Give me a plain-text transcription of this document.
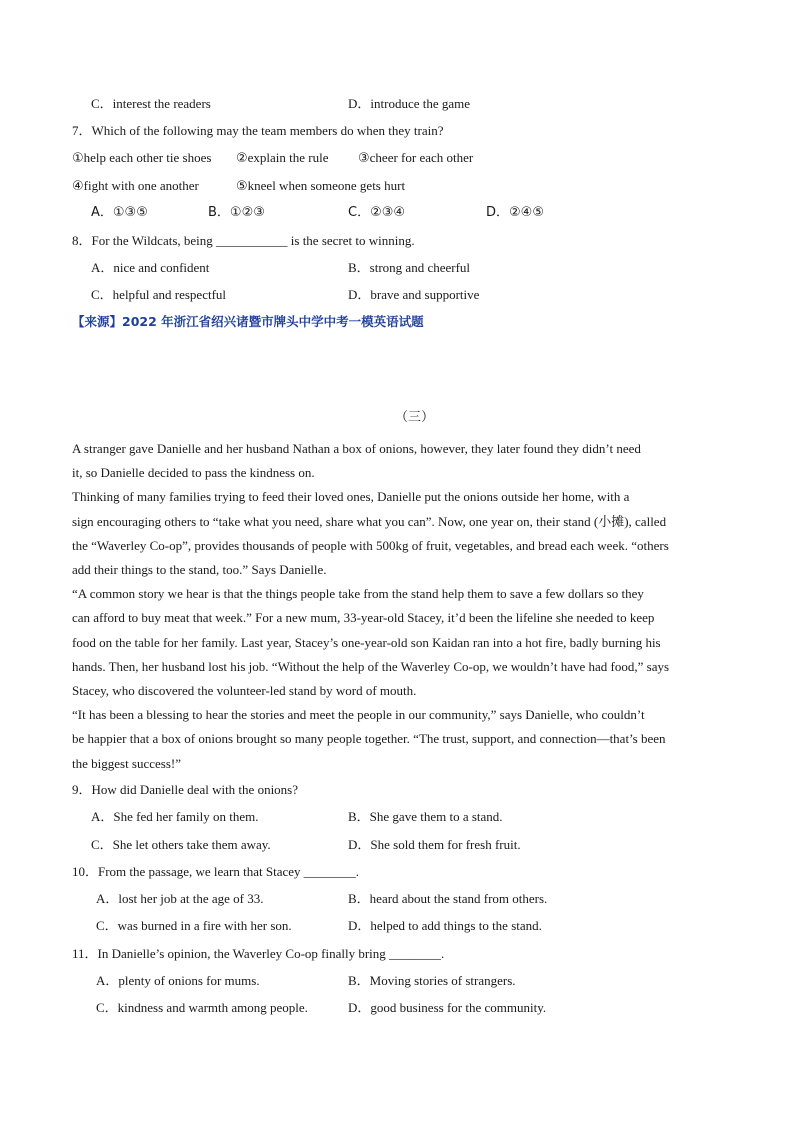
C．interest the readers	D．introduce the game
7．Which of the following may the team members do when they train?
①help each other tie shoes ②explain the rule ③cheer for each other
④fight with one another	⑤kneel when someone gets hurt
A．①③⑤	B．①②③	C．②③④	D．②④⑤
8．For the Wildcats, being ___________ is the secret to winning.
A．nice and confident	B．strong and cheerful
C．helpful and respectful	D．brave and supportive
【来源】2022 年浙江省绍兴诸暨市牌头中学中考一模英语试题
（三）
A stranger gave Danielle and her husband Nathan a box of onions, however, they later found they didn’t need
it, so Danielle decided to pass the kindness on.
Thinking of many families trying to feed their loved ones, Danielle put the onions outside her home, with a
sign encouraging others to “take what you need, share what you can”. Now, one year on, their stand (小摊), called
the “Waverley Co-op”, provides thousands of people with 500kg of fruit, vegetables, and bread each week. “others
add their things to the stand, too.” Says Danielle.
“A common story we hear is that the things people take from the stand help them to save a few dollars so they
can afford to buy meat that week.” For a new mum, 33-year-old Stacey, it’d been the lifeline she needed to keep
food on the table for her family. Last year, Stacey’s one-year-old son Kaidan ran into a hot fire, badly burning his
hands. Then, her husband lost his job. “Without the help of the Waverley Co-op, we wouldn’t have had food,” says
Stacey, who discovered the volunteer-led stand by word of mouth.
“It has been a blessing to hear the stories and meet the people in our community,” says Danielle, who couldn’t
be happier that a box of onions brought so many people together. “The trust, support, and connection—that’s been
the biggest success!”
9．How did Danielle deal with the onions?
A．She fed her family on them.	B．She gave them to a stand.
C．She let others take them away.	D．She sold them for fresh fruit.
10．From the passage, we learn that Stacey ________.
A．lost her job at the age of 33.	B．heard about the stand from others.
C．was burned in a fire with her son.	D．helped to add things to the stand.
11．In Danielle’s opinion, the Waverley Co-op finally bring ________.
A．plenty of onions for mums.	B．Moving stories of strangers.
C．kindness and warmth among people.	D．good business for the community.
